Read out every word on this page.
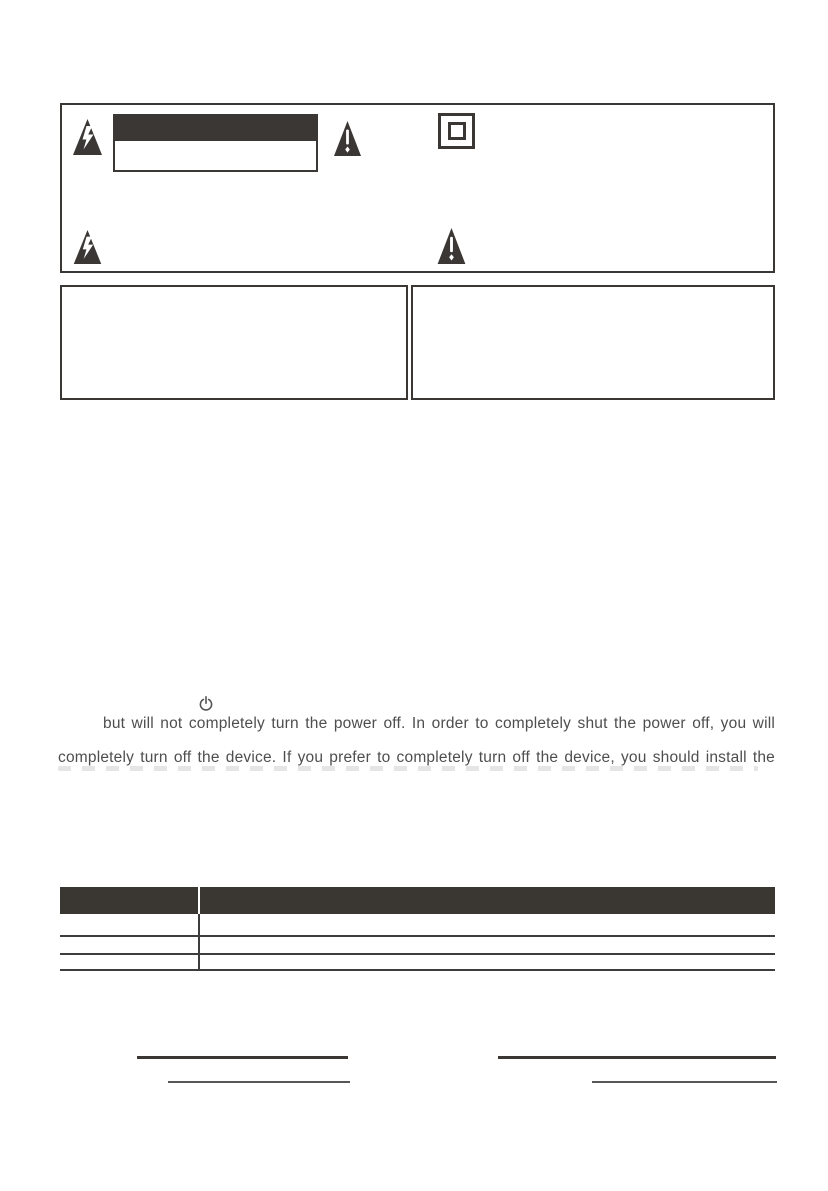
but will not completely turn the power off. In order to completely shut the power off, you will
completely turn off the device. If you prefer to completely turn off the device, you should install the
